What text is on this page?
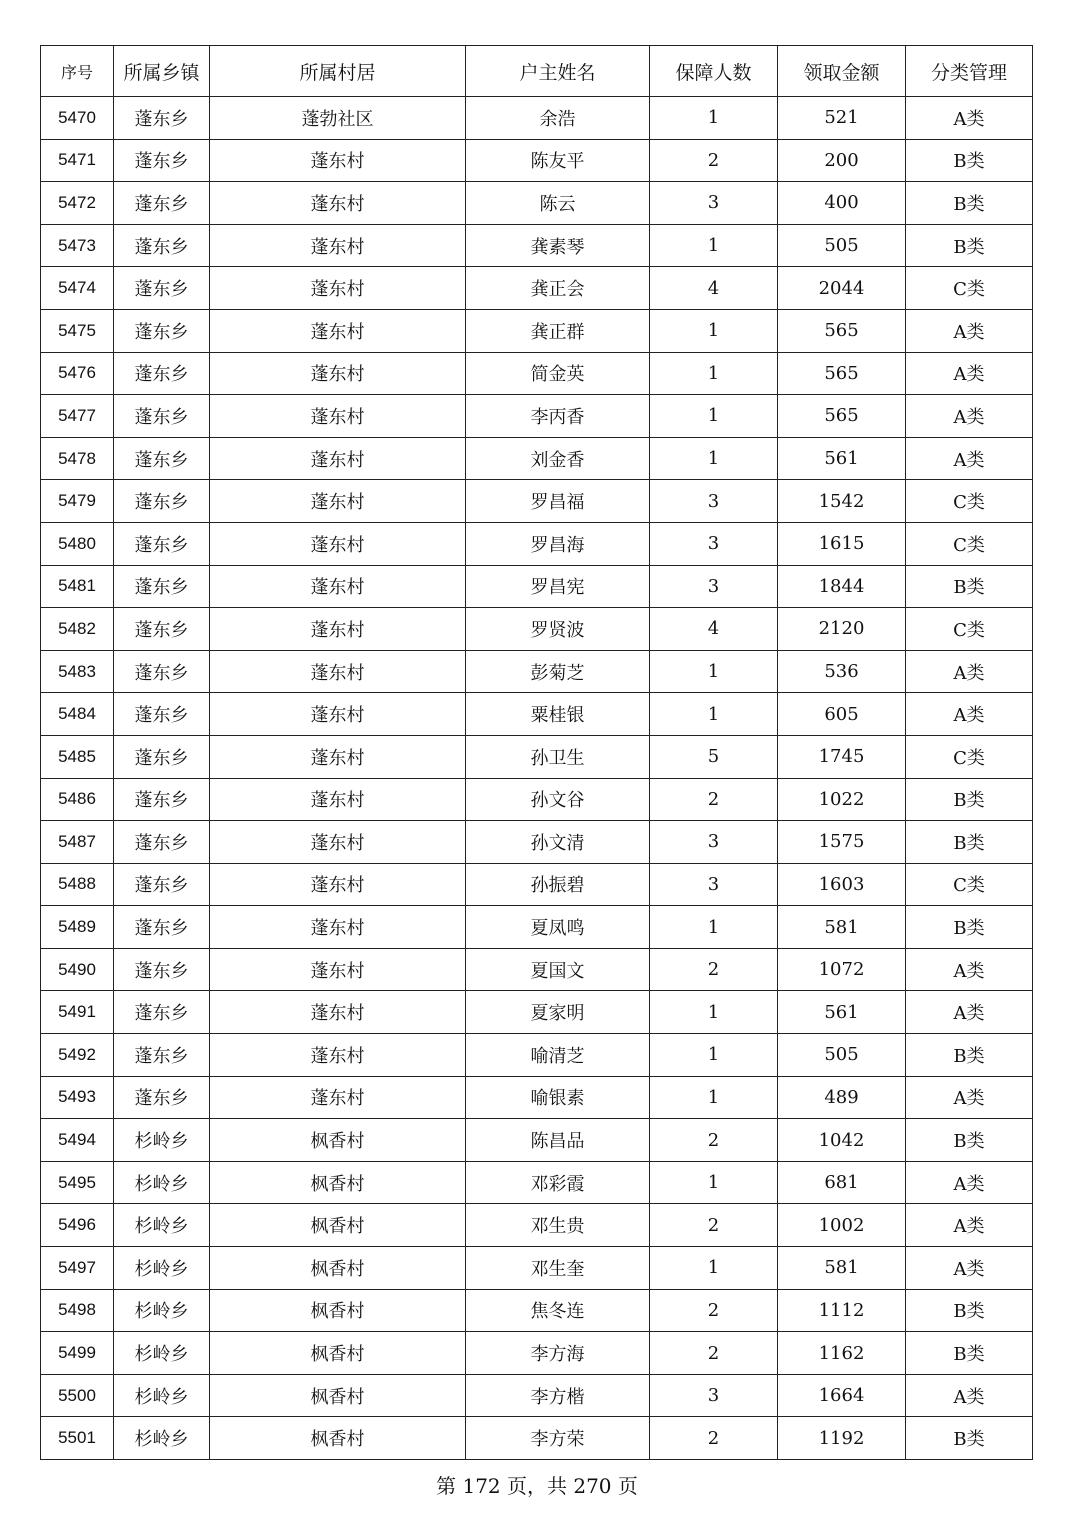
序号	所属乡镇	所属村居	户主姓名	保障人数	领取金额	分类管理
5470	蓬东乡	蓬勃社区	余浩	1	521	A类
5471	蓬东乡	蓬东村	陈友平	2	200	B类
5472	蓬东乡	蓬东村	陈云	3	400	B类
5473	蓬东乡	蓬东村	龚素琴	1	505	B类
5474	蓬东乡	蓬东村	龚正会	4	2044	C类
5475	蓬东乡	蓬东村	龚正群	1	565	A类
5476	蓬东乡	蓬东村	简金英	1	565	A类
5477	蓬东乡	蓬东村	李丙香	1	565	A类
5478	蓬东乡	蓬东村	刘金香	1	561	A类
5479	蓬东乡	蓬东村	罗昌福	3	1542	C类
5480	蓬东乡	蓬东村	罗昌海	3	1615	C类
5481	蓬东乡	蓬东村	罗昌宪	3	1844	B类
5482	蓬东乡	蓬东村	罗贤波	4	2120	C类
5483	蓬东乡	蓬东村	彭菊芝	1	536	A类
5484	蓬东乡	蓬东村	粟桂银	1	605	A类
5485	蓬东乡	蓬东村	孙卫生	5	1745	C类
5486	蓬东乡	蓬东村	孙文谷	2	1022	B类
5487	蓬东乡	蓬东村	孙文清	3	1575	B类
5488	蓬东乡	蓬东村	孙振碧	3	1603	C类
5489	蓬东乡	蓬东村	夏凤鸣	1	581	B类
5490	蓬东乡	蓬东村	夏国文	2	1072	A类
5491	蓬东乡	蓬东村	夏家明	1	561	A类
5492	蓬东乡	蓬东村	喻清芝	1	505	B类
5493	蓬东乡	蓬东村	喻银素	1	489	A类
5494	杉岭乡	枫香村	陈昌品	2	1042	B类
5495	杉岭乡	枫香村	邓彩霞	1	681	A类
5496	杉岭乡	枫香村	邓生贵	2	1002	A类
5497	杉岭乡	枫香村	邓生奎	1	581	A类
5498	杉岭乡	枫香村	焦冬连	2	1112	B类
5499	杉岭乡	枫香村	李方海	2	1162	B类
5500	杉岭乡	枫香村	李方楷	3	1664	A类
5501	杉岭乡	枫香村	李方荣	2	1192	B类
第 172 页，共 270 页
